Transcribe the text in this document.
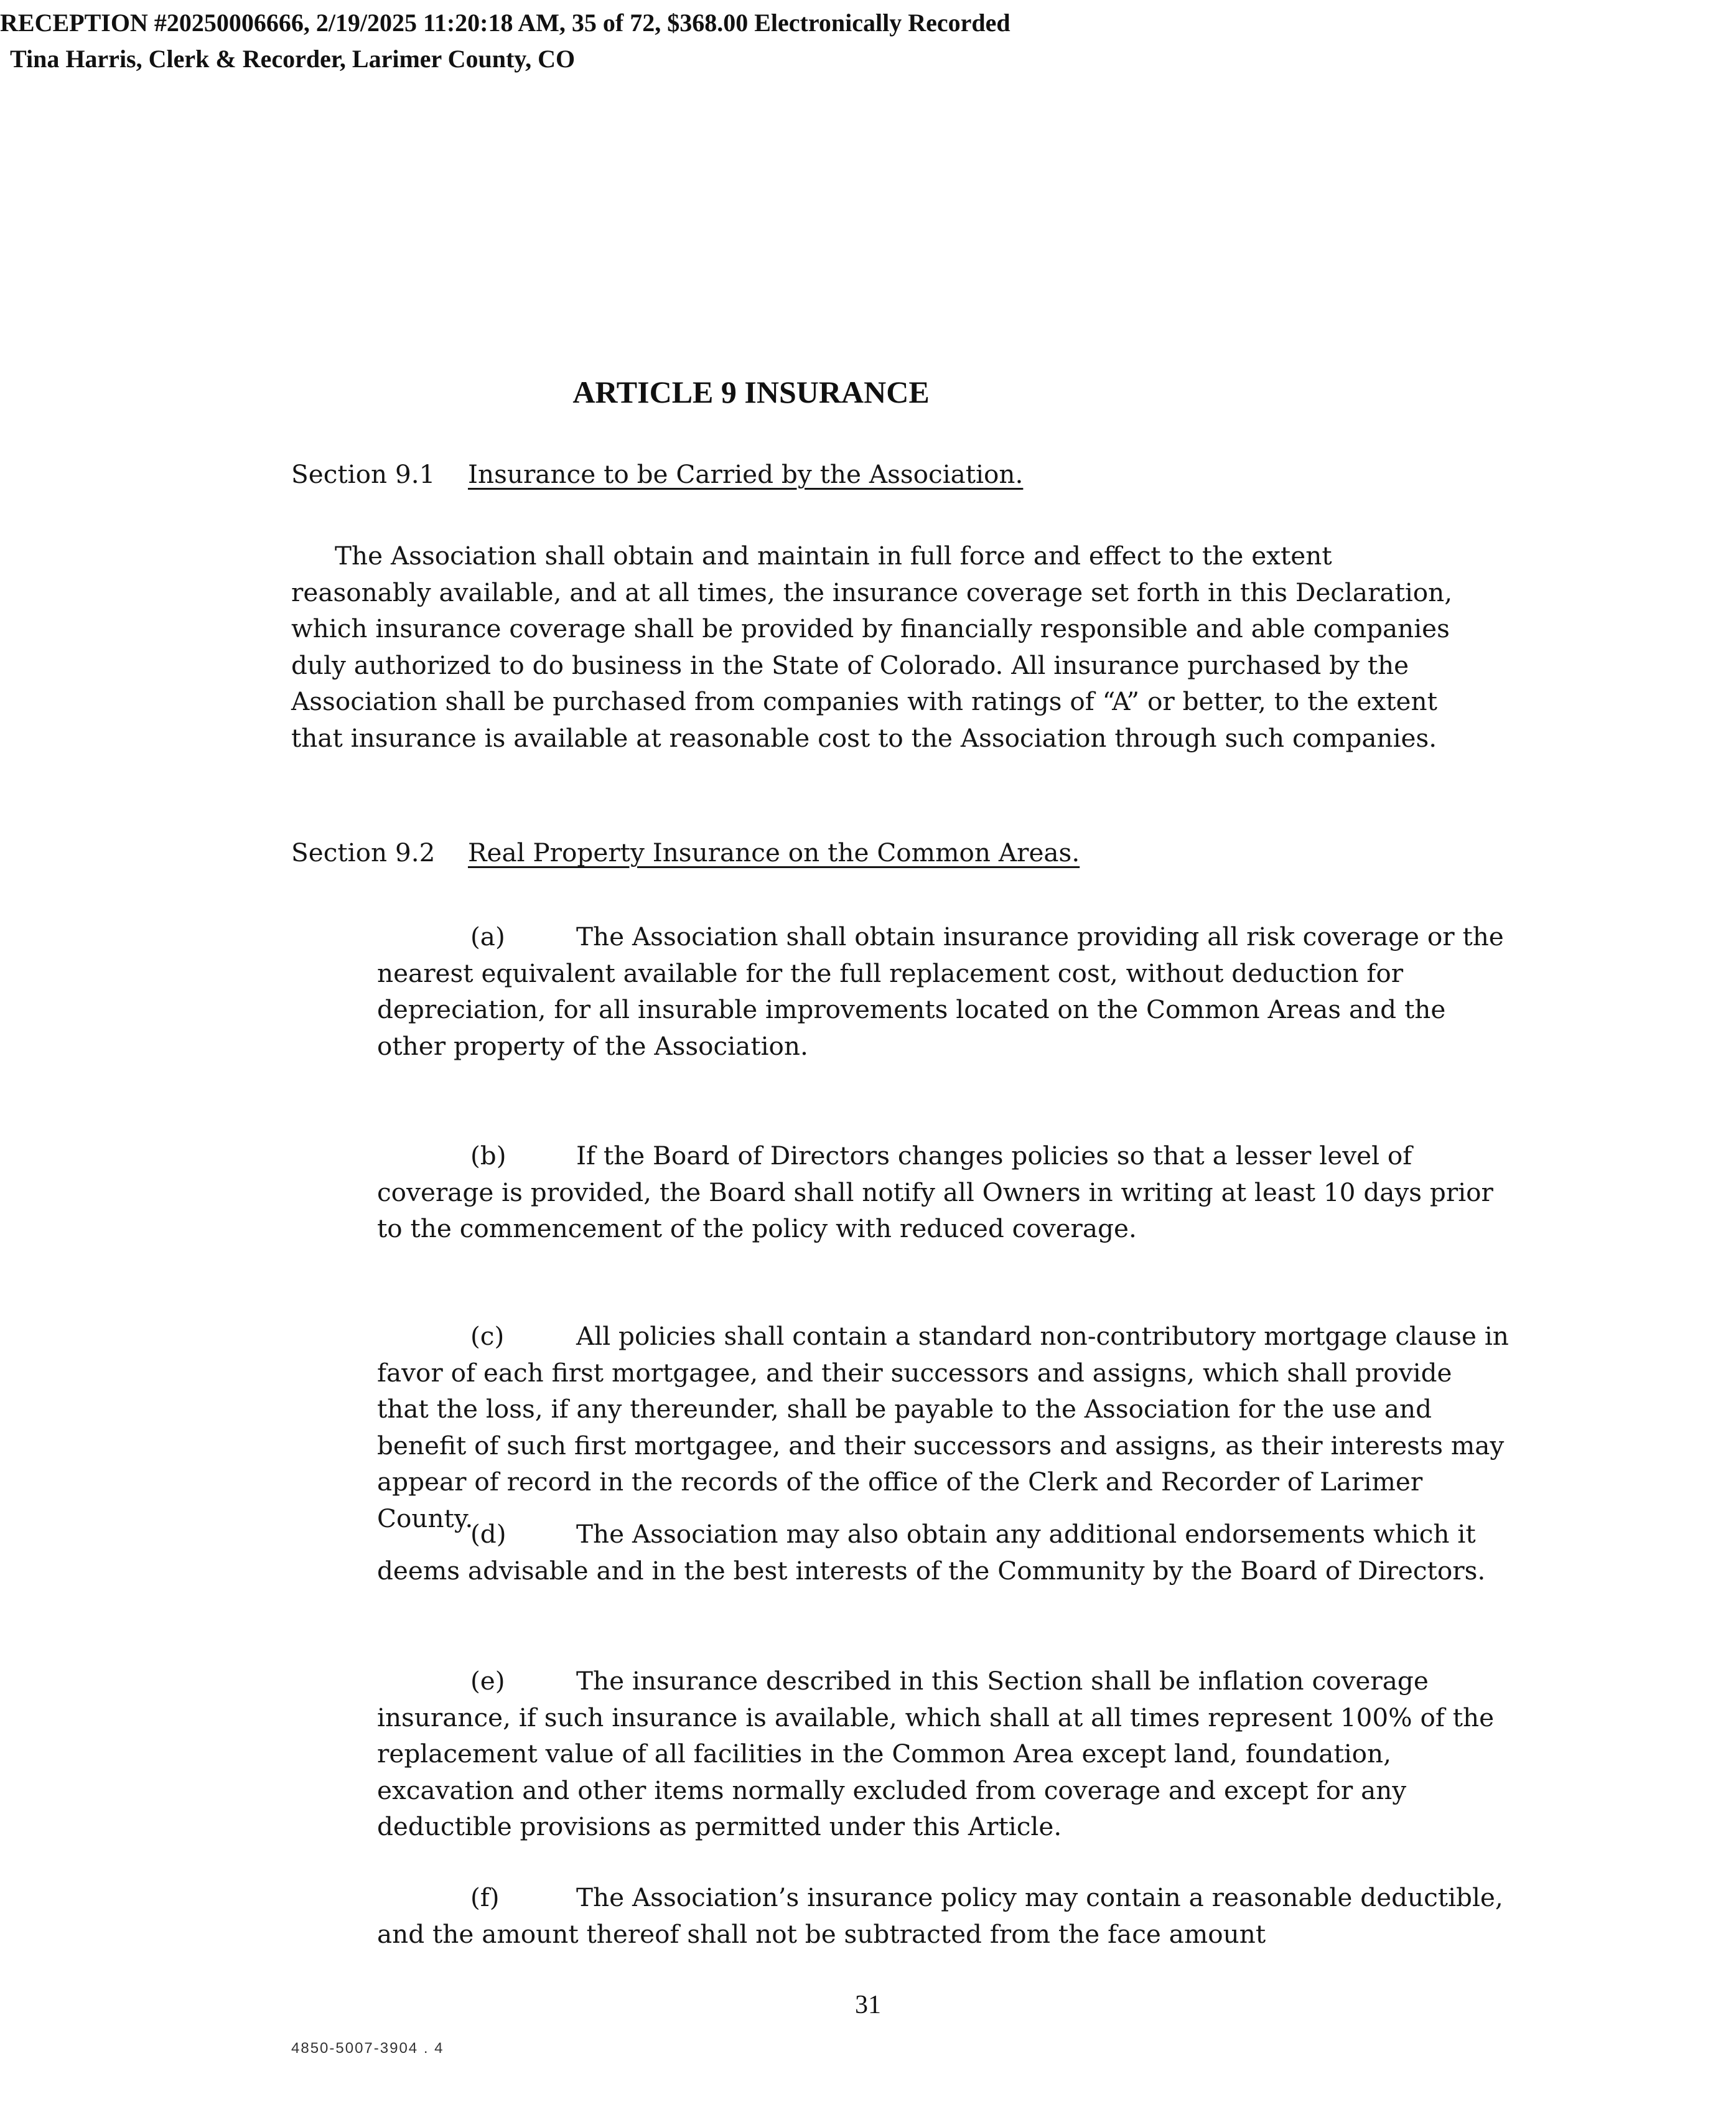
RECEPTION #20250006666, 2/19/2025 11:20:18 AM, 35 of 72, $368.00 Electronically Recorded
Tina Harris, Clerk & Recorder, Larimer County, CO
ARTICLE 9 INSURANCE
Section 9.1 Insurance to be Carried by the Association.

The Association shall obtain and maintain in full force and effect to the extent reasonably available, and at all times, the insurance coverage set forth in this Declaration, which insurance coverage shall be provided by financially responsible and able companies duly authorized to do business in the State of Colorado. All insurance purchased by the Association shall be purchased from companies with ratings of “A” or better, to the extent that insurance is available at reasonable cost to the Association through such companies.

Section 9.2 Real Property Insurance on the Common Areas.

(a)	The Association shall obtain insurance providing all risk coverage or the nearest equivalent available for the full replacement cost, without deduction for depreciation, for all insurable improvements located on the Common Areas and the other property of the Association.

(b)	If the Board of Directors changes policies so that a lesser level of coverage is provided, the Board shall notify all Owners in writing at least 10 days prior to the commencement of the policy with reduced coverage.

(c)	All policies shall contain a standard non-contributory mortgage clause in favor of each first mortgagee, and their successors and assigns, which shall provide that the loss, if any thereunder, shall be payable to the Association for the use and benefit of such first mortgagee, and their successors and assigns, as their interests may appear of record in the records of the office of the Clerk and Recorder of Larimer County.

(d)	The Association may also obtain any additional endorsements which it deems advisable and in the best interests of the Community by the Board of Directors.

(e)	The insurance described in this Section shall be inflation coverage insurance, if such insurance is available, which shall at all times represent 100% of the replacement value of all facilities in the Common Area except land, foundation, excavation and other items normally excluded from coverage and except for any deductible provisions as permitted under this Article.

(f)	The Association’s insurance policy may contain a reasonable deductible, and the amount thereof shall not be subtracted from the face amount

31
4850-5007-3904 . 4
